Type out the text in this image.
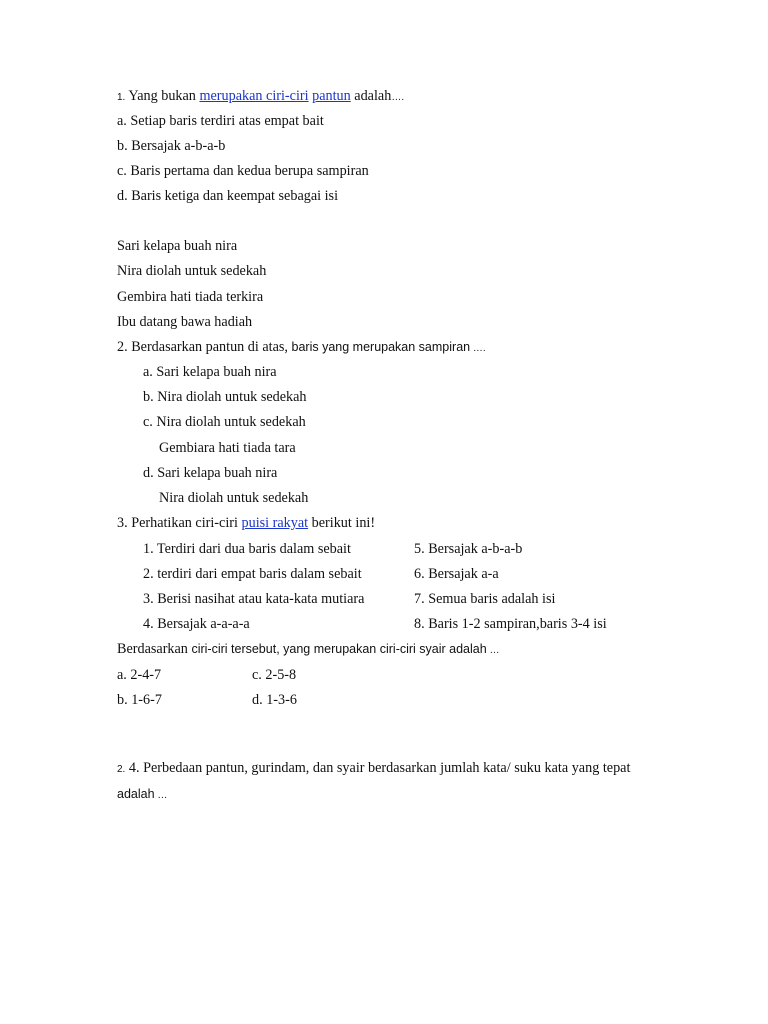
1. Yang bukan merupakan ciri-ciri pantun adalah….
a. Setiap baris terdiri atas empat bait
b. Bersajak a-b-a-b
c. Baris pertama dan kedua berupa sampiran
d. Baris ketiga dan keempat sebagai isi
Sari kelapa buah nira
Nira diolah untuk sedekah
Gembira hati tiada terkira
Ibu datang bawa hadiah
2. Berdasarkan pantun di atas, baris yang merupakan sampiran ….
a. Sari kelapa buah nira
b. Nira diolah untuk sedekah
c. Nira diolah untuk sedekah
Gembiara hati tiada tara
d. Sari kelapa buah nira
Nira diolah untuk sedekah
3. Perhatikan ciri-ciri puisi rakyat berikut ini!
1. Terdiri dari dua baris dalam sebait
2. terdiri dari empat baris dalam sebait
3. Berisi nasihat atau kata-kata mutiara
4. Bersajak a-a-a-a
5. Bersajak a-b-a-b
6. Bersajak a-a
7. Semua baris adalah isi
8. Baris 1-2 sampiran,baris 3-4 isi
Berdasarkan ciri-ciri tersebut, yang merupakan ciri-ciri syair adalah …
a. 2-4-7	c. 2-5-8
b. 1-6-7	d. 1-3-6
2. 4. Perbedaan pantun, gurindam, dan syair berdasarkan jumlah kata/ suku kata yang tepat
adalah …
